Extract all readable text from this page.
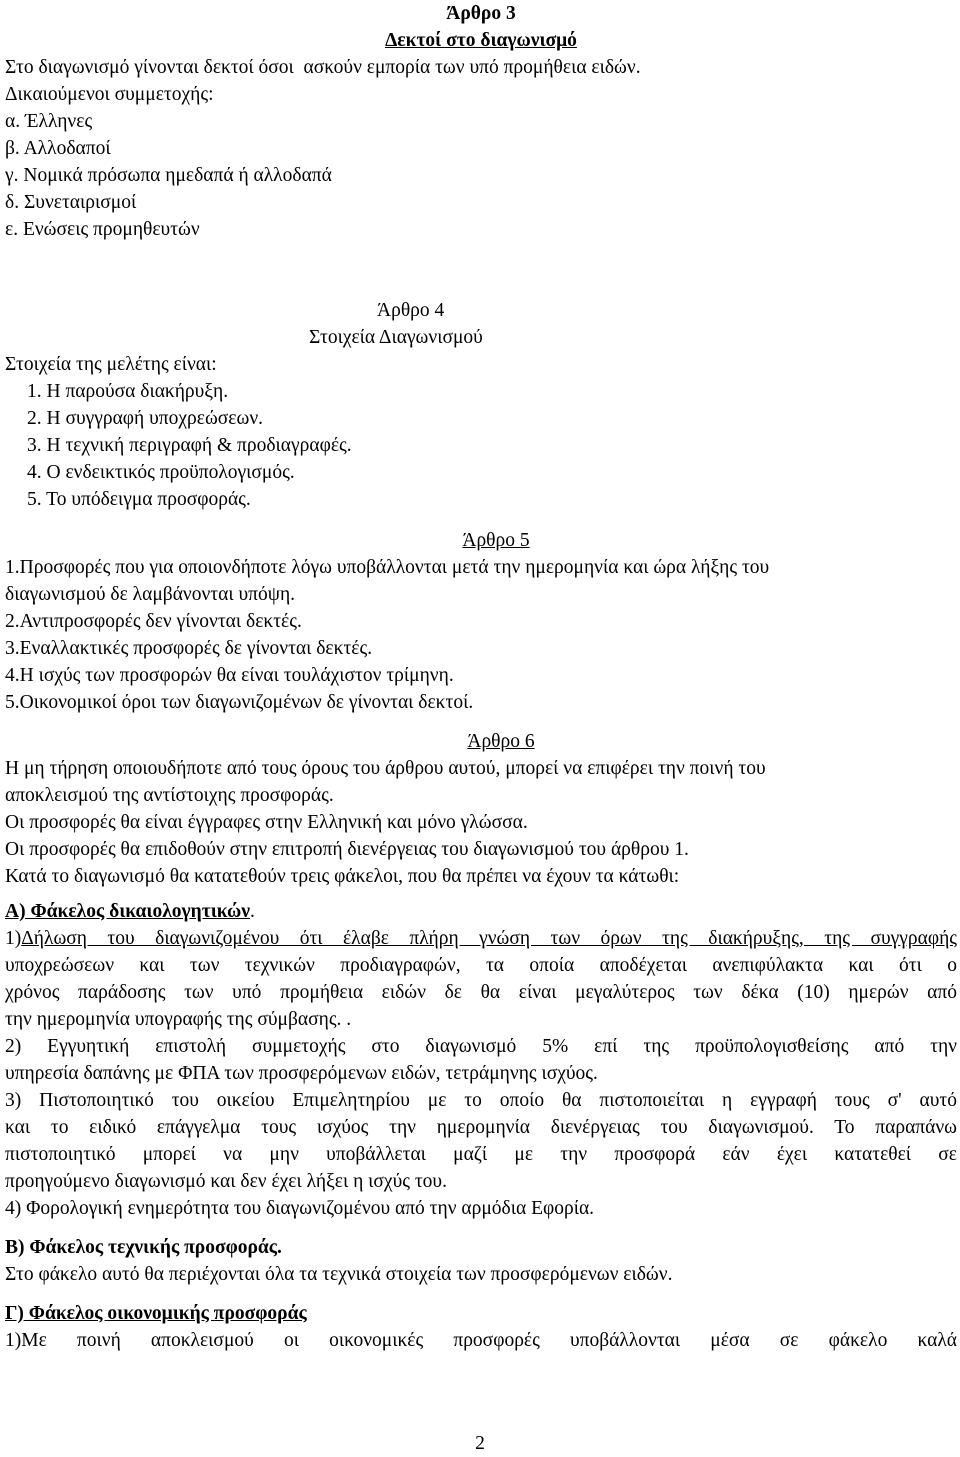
Άρθρο 3
Δεκτοί στο διαγωνισμό
Στο διαγωνισμό γίνονται δεκτοί όσοι  ασκούν εμπορία των υπό προμήθεια ειδών.
Δικαιούμενοι συμμετοχής:
α. Έλληνες
β. Αλλοδαποί
γ. Νομικά πρόσωπα ημεδαπά ή αλλοδαπά
δ. Συνεταιρισμοί
ε. Ενώσεις προμηθευτών
Άρθρο 4
Στοιχεία Διαγωνισμού
Στοιχεία της μελέτης είναι:
1. Η παρούσα διακήρυξη.
2. Η συγγραφή υποχρεώσεων.
3. Η τεχνική περιγραφή & προδιαγραφές.
4. Ο ενδεικτικός προϋπολογισμός.
5. Το υπόδειγμα προσφοράς.
Άρθρο 5
1.Προσφορές που για οποιονδήποτε λόγω υποβάλλονται μετά την ημερομηνία και ώρα λήξης του
διαγωνισμού δε λαμβάνονται υπόψη.
2.Αντιπροσφορές δεν γίνονται δεκτές.
3.Εναλλακτικές προσφορές δε γίνονται δεκτές.
4.Η ισχύς των προσφορών θα είναι τουλάχιστον τρίμηνη.
5.Οικονομικοί όροι των διαγωνιζομένων δε γίνονται δεκτοί.
Άρθρο 6
Η μη τήρηση οποιουδήποτε από τους όρους του άρθρου αυτού, μπορεί να επιφέρει την ποινή του
αποκλεισμού της αντίστοιχης προσφοράς.
Οι προσφορές θα είναι έγγραφες στην Ελληνική και μόνο γλώσσα.
Οι προσφορές θα επιδοθούν στην επιτροπή διενέργειας του διαγωνισμού του άρθρου 1.
Κατά το διαγωνισμό θα κατατεθούν τρεις φάκελοι, που θα πρέπει να έχουν τα κάτωθι:
Α) Φάκελος δικαιολογητικών.
1)Δήλωση του διαγωνιζομένου ότι έλαβε πλήρη γνώση των όρων της διακήρυξης, της συγγραφής
υποχρεώσεων και των τεχνικών προδιαγραφών, τα οποία αποδέχεται ανεπιφύλακτα και ότι ο
χρόνος παράδοσης των υπό προμήθεια ειδών δε θα είναι μεγαλύτερος των δέκα (10) ημερών από
την ημερομηνία υπογραφής της σύμβασης. .
2) Εγγυητική επιστολή συμμετοχής στο διαγωνισμό 5% επί της προϋπολογισθείσης από την
υπηρεσία δαπάνης με ΦΠΑ των προσφερόμενων ειδών, τετράμηνης ισχύος.
3) Πιστοποιητικό του οικείου Επιμελητηρίου με το οποίο θα πιστοποιείται η εγγραφή τους σ' αυτό
και το ειδικό επάγγελμα τους ισχύος την ημερομηνία διενέργειας του διαγωνισμού. Το παραπάνω
πιστοποιητικό μπορεί να μην υποβάλλεται μαζί με την προσφορά εάν έχει κατατεθεί σε
προηγούμενο διαγωνισμό και δεν έχει λήξει η ισχύς του.
4) Φορολογική ενημερότητα του διαγωνιζομένου από την αρμόδια Εφορία.
Β) Φάκελος τεχνικής προσφοράς.
Στο φάκελο αυτό θα περιέχονται όλα τα τεχνικά στοιχεία των προσφερόμενων ειδών.
Γ) Φάκελος οικονομικής προσφοράς
1)Με ποινή αποκλεισμού οι οικονομικές προσφορές υποβάλλονται μέσα σε φάκελο καλά
2
